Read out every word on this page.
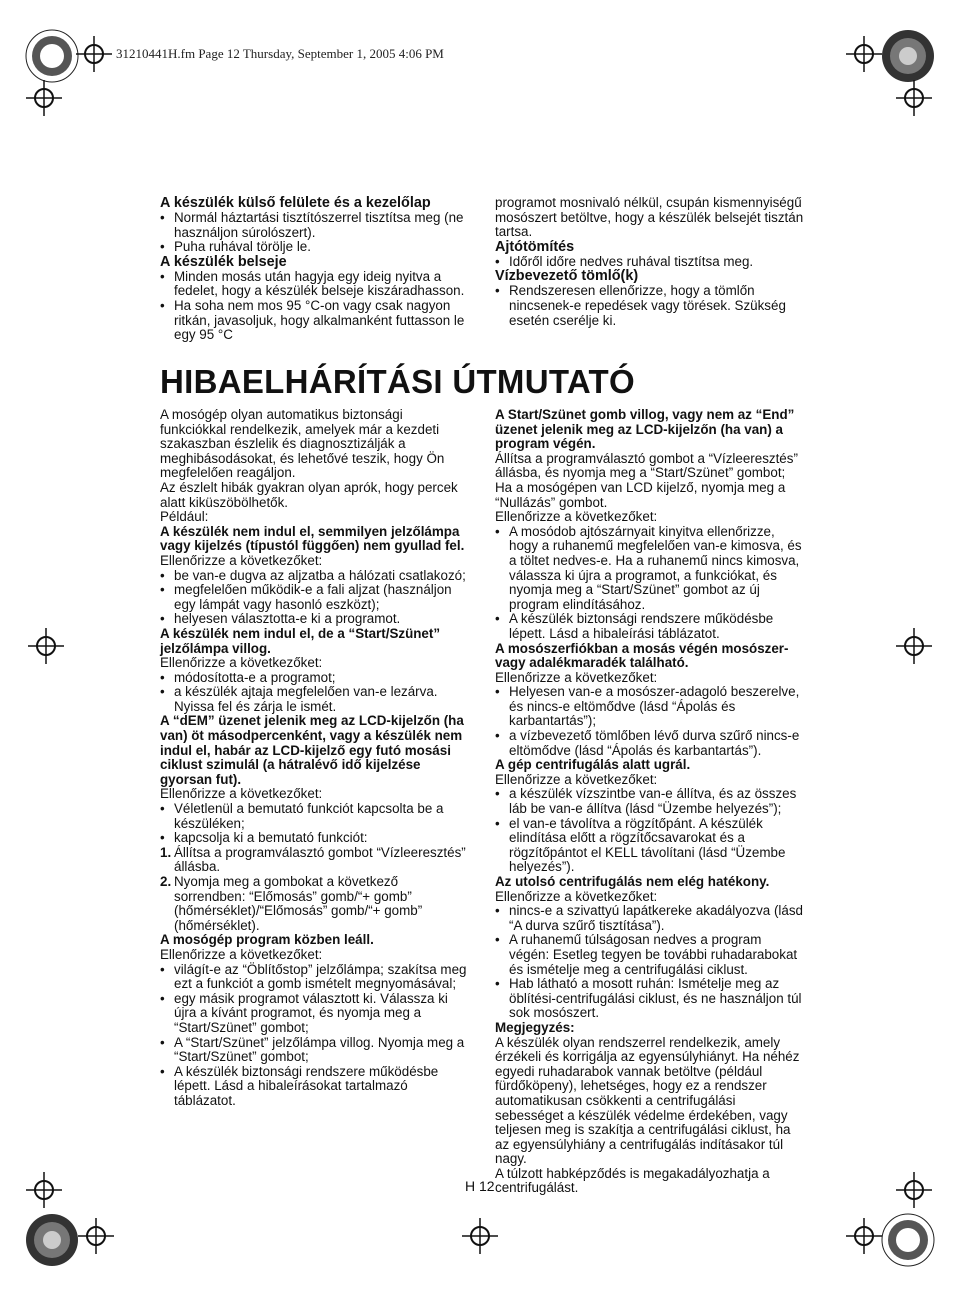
31210441H.fm Page 12 Thursday, September 1, 2005 4:06 PM

A készülék külső felülete és a kezelőlap

• Normál háztartási tisztítószerrel tisztítsa meg (ne használjon súrolószert).

• Puha ruhával törölje le.

A készülék belseje

• Minden mosás után hagyja egy ideig nyitva a fedelet, hogy a készülék belseje kiszáradhasson.

• Ha soha nem mos 95 °C-on vagy csak nagyon ritkán, javasoljuk, hogy alkalmanként futtasson le egy 95 °C

programot mosnivaló nélkül, csupán kismennyiségű mosószert betöltve, hogy a készülék belsejét tisztán tartsa.

Ajtótömítés

• Időről időre nedves ruhával tisztítsa meg.

Vízbevezető tömlő(k)

• Rendszeresen ellenőrizze, hogy a tömlőn nincsenek-e repedések vagy törések. Szükség esetén cserélje ki.

HIBAELHÁRÍTÁSI ÚTMUTATÓ

A mosógép olyan automatikus biztonsági funkciókkal rendelkezik, amelyek már a kezdeti szakaszban észlelik és diagnosztizálják a meghibásodásokat, és lehetővé teszik, hogy Ön megfelelően reagáljon.

Az észlelt hibák gyakran olyan aprók, hogy percek alatt kiküszöbölhetők.

Például:

A készülék nem indul el, semmilyen jelzőlámpa vagy kijelzés (típustól függően) nem gyullad fel.

Ellenőrizze a következőket:

• be van-e dugva az aljzatba a hálózati csatlakozó;

• megfelelően működik-e a fali aljzat (használjon egy lámpát vagy hasonló eszközt);

• helyesen választotta-e ki a programot.

A készülék nem indul el, de a “Start/Szünet” jelzőlámpa villog.

Ellenőrizze a következőket:

• módosította-e a programot;

• a készülék ajtaja megfelelően van-e lezárva. Nyissa fel és zárja le ismét.

A “dEM” üzenet jelenik meg az LCD-kijelzőn (ha van) öt másodpercenként, vagy a készülék nem indul el, habár az LCD-kijelző egy futó mosási ciklust szimulál (a hátralévő idő kijelzése gyorsan fut).

Ellenőrizze a következőket:

• Véletlenül a bemutató funkciót kapcsolta be a készüléken;

• kapcsolja ki a bemutató funkciót:

1. Állítsa a programválasztó gombot “Vízleeresztés” állásba.

2. Nyomja meg a gombokat a következő sorrendben: “Előmosás” gomb/“+ gomb” (hőmérséklet)/“Előmosás” gomb/“+ gomb” (hőmérséklet).

A mosógép program közben leáll.

Ellenőrizze a következőket:

• világít-e az “Öblítőstop” jelzőlámpa; szakítsa meg ezt a funkciót a gomb ismételt megnyomásával;

• egy másik programot választott ki. Válassza ki újra a kívánt programot, és nyomja meg a “Start/Szünet” gombot;

• A “Start/Szünet” jelzőlámpa villog. Nyomja meg a “Start/Szünet” gombot;

• A készülék biztonsági rendszere működésbe lépett. Lásd a hibaleírásokat tartalmazó táblázatot.

A Start/Szünet gomb villog, vagy nem az “End” üzenet jelenik meg az LCD-kijelzőn (ha van) a program végén.

Állítsa a programválasztó gombot a “Vízleeresztés” állásba, és nyomja meg a “Start/Szünet” gombot; Ha a mosógépen van LCD kijelző, nyomja meg a “Nullázás” gombot.

Ellenőrizze a következőket:

• A mosódob ajtószárnyait kinyitva ellenőrizze, hogy a ruhanemű megfelelően van-e kimosva, és a töltet nedves-e. Ha a ruhanemű nincs kimosva, válassza ki újra a programot, a funkciókat, és nyomja meg a “Start/Szünet” gombot az új program elindításához.

• A készülék biztonsági rendszere működésbe lépett. Lásd a hibaleírási táblázatot.

A mosószerfiókban a mosás végén mosószer- vagy adalékmaradék található.

Ellenőrizze a következőket:

• Helyesen van-e a mosószer-adagoló beszerelve, és nincs-e eltömődve (lásd “Ápolás és karbantartás”);

• a vízbevezető tömlőben lévő durva szűrő nincs-e eltömődve (lásd “Ápolás és karbantartás”).

A gép centrifugálás alatt ugrál.

Ellenőrizze a következőket:

• a készülék vízszintbe van-e állítva, és az összes láb be van-e állítva (lásd “Üzembe helyezés”);

• el van-e távolítva a rögzítőpánt. A készülék elindítása előtt a rögzítőcsavarokat és a rögzítőpántot el KELL távolítani (lásd “Üzembe helyezés”).

Az utolsó centrifugálás nem elég hatékony.

Ellenőrizze a következőket:

• nincs-e a szivattyú lapátkereke akadályozva (lásd “A durva szűrő tisztítása”).

• A ruhanemű túlságosan nedves a program végén: Esetleg tegyen be további ruhadarabokat és ismételje meg a centrifugálási ciklust.

• Hab látható a mosott ruhán: Ismételje meg az öblítési-centrifugálási ciklust, és ne használjon túl sok mosószert.

Megjegyzés:

A készülék olyan rendszerrel rendelkezik, amely érzékeli és korrigálja az egyensúlyhiányt. Ha néhéz egyedi ruhadarabok vannak betöltve (például fürdőköpeny), lehetséges, hogy ez a rendszer automatikusan csökkenti a centrifugálási sebességet a készülék védelme érdekében, vagy teljesen meg is szakítja a centrifugálási ciklust, ha az egyensúlyhiány a centrifugálás indításakor túl nagy.

A túlzott habképződés is megakadályozhatja a centrifugálást.

H 12
